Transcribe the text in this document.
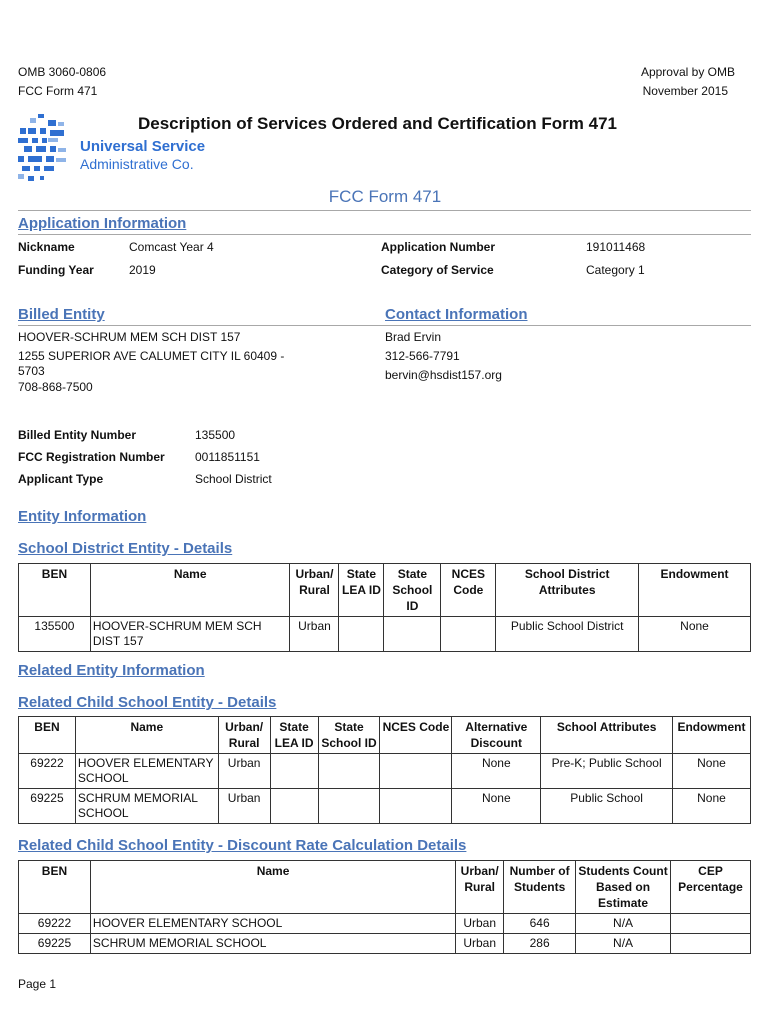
OMB 3060-0806
FCC Form 471
Approval by OMB
November 2015
Universal Service
Administrative Co.
Description of Services Ordered and Certification Form 471
FCC Form 471
Application Information
Nickname	Comcast Year 4
Funding Year	2019
Application Number	191011468
Category of Service	Category 1
Billed Entity	Contact Information
HOOVER-SCHRUM MEM SCH DIST 157
1255 SUPERIOR AVE CALUMET CITY IL 60409 -
5703
708-868-7500
Brad Ervin
312-566-7791
bervin@hsdist157.org
Billed Entity Number	135500
FCC Registration Number	0011851151
Applicant Type	School District
Entity Information
School District Entity - Details
BEN	Name	Urban/ Rural	State LEA ID	State School ID	NCES Code	School District Attributes	Endowment
135500	HOOVER-SCHRUM MEM SCH DIST 157	Urban				Public School District	None
Related Entity Information
Related Child School Entity - Details
BEN	Name	Urban/ Rural	State LEA ID	State School ID	NCES Code	Alternative Discount	School Attributes	Endowment
69222	HOOVER ELEMENTARY SCHOOL	Urban				None	Pre-K; Public School	None
69225	SCHRUM MEMORIAL SCHOOL	Urban				None	Public School	None
Related Child School Entity - Discount Rate Calculation Details
BEN	Name	Urban/ Rural	Number of Students	Students Count Based on Estimate	CEP Percentage
69222	HOOVER ELEMENTARY SCHOOL	Urban	646	N/A	
69225	SCHRUM MEMORIAL SCHOOL	Urban	286	N/A	
Page 1
